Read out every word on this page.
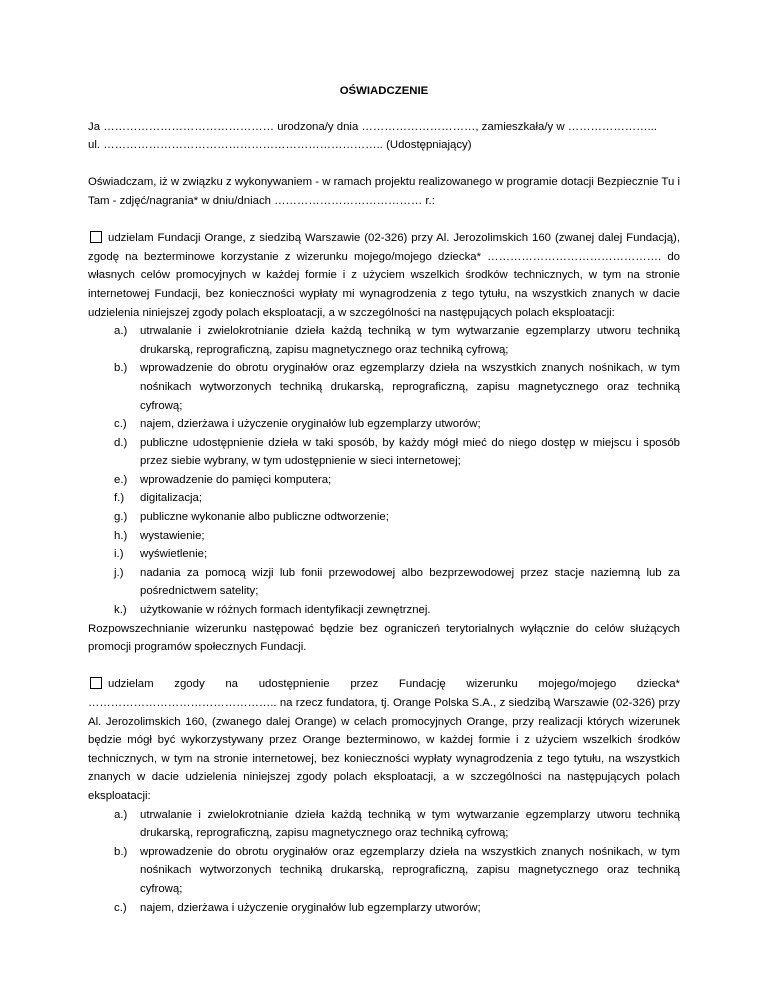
OŚWIADCZENIE

Ja ……………………………………… urodzona/y dnia …………………………, zamieszkała/y w …………………...

ul. ……………………………………………………………….. (Udostępniający)

Oświadczam, iż w związku z wykonywaniem - w ramach projektu realizowanego w programie dotacji Bezpiecznie Tu i Tam - zdjęć/nagrania* w dniu/dniach ………………………………… r.:

udzielam Fundacji Orange, z siedzibą Warszawie (02-326) przy Al. Jerozolimskich 160 (zwanej dalej Fundacją), zgodę na bezterminowe korzystanie z wizerunku mojego/mojego dziecka* ………………………………………. do własnych celów promocyjnych w każdej formie i z użyciem wszelkich środków technicznych, w tym na stronie internetowej Fundacji, bez konieczności wypłaty mi wynagrodzenia z tego tytułu, na wszystkich znanych w dacie udzielenia niniejszej zgody polach eksploatacji, a w szczególności na następujących polach eksploatacji:

a.) utrwalanie i zwielokrotnianie dzieła każdą techniką w tym wytwarzanie egzemplarzy utworu techniką drukarską, reprograficzną, zapisu magnetycznego oraz techniką cyfrową;
b.) wprowadzenie do obrotu oryginałów oraz egzemplarzy dzieła na wszystkich znanych nośnikach, w tym nośnikach wytworzonych techniką drukarską, reprograficzną, zapisu magnetycznego oraz techniką cyfrową;
c.) najem, dzierżawa i użyczenie oryginałów lub egzemplarzy utworów;
d.) publiczne udostępnienie dzieła w taki sposób, by każdy mógł mieć do niego dostęp w miejscu i sposób przez siebie wybrany, w tym udostępnienie w sieci internetowej;
e.) wprowadzenie do pamięci komputera;
f.) digitalizacja;
g.) publiczne wykonanie albo publiczne odtworzenie;
h.) wystawienie;
i.) wyświetlenie;
j.) nadania za pomocą wizji lub fonii przewodowej albo bezprzewodowej przez stacje naziemną lub za pośrednictwem satelity;
k.) użytkowanie w różnych formach identyfikacji zewnętrznej.

Rozpowszechnianie wizerunku następować będzie bez ograniczeń terytorialnych wyłącznie do celów służących promocji programów społecznych Fundacji.

udzielam zgody na udostępnienie przez Fundację wizerunku mojego/mojego dziecka* ………………………………………….. na rzecz fundatora, tj. Orange Polska S.A., z siedzibą Warszawie (02-326) przy Al. Jerozolimskich 160, (zwanego dalej Orange) w celach promocyjnych Orange, przy realizacji których wizerunek będzie mógł być wykorzystywany przez Orange bezterminowo, w każdej formie i z użyciem wszelkich środków technicznych, w tym na stronie internetowej, bez konieczności wypłaty wynagrodzenia z tego tytułu, na wszystkich znanych w dacie udzielenia niniejszej zgody polach eksploatacji, a w szczególności na następujących polach eksploatacji:

a.) utrwalanie i zwielokrotnianie dzieła każdą techniką w tym wytwarzanie egzemplarzy utworu techniką drukarską, reprograficzną, zapisu magnetycznego oraz techniką cyfrową;
b.) wprowadzenie do obrotu oryginałów oraz egzemplarzy dzieła na wszystkich znanych nośnikach, w tym nośnikach wytworzonych techniką drukarską, reprograficzną, zapisu magnetycznego oraz techniką cyfrową;
c.) najem, dzierżawa i użyczenie oryginałów lub egzemplarzy utworów;
